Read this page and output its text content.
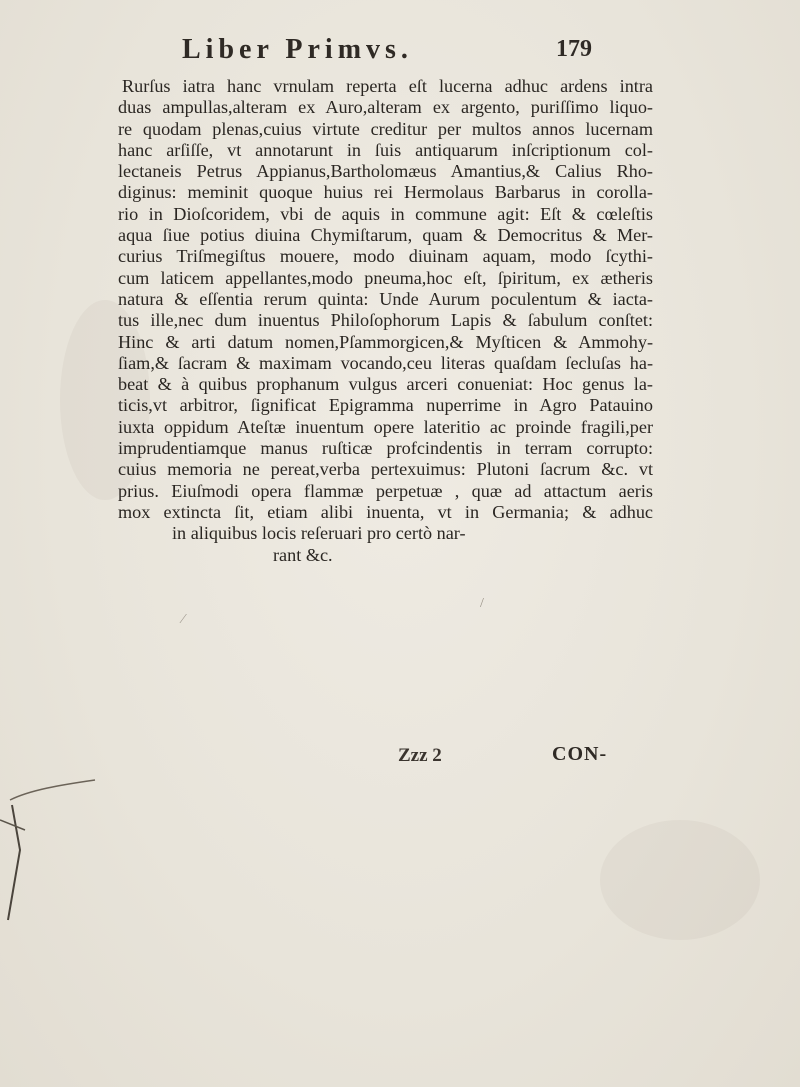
Liber Primvs.	179
Rurſus iatra hanc vrnulam reperta eſt lucerna adhuc ardens intra
duas ampullas,alteram ex Auro,alteram ex argento, puriſſimo liquo-
re quodam plenas,cuius virtute creditur per multos annos lucernam
hanc arſiſſe, vt annotarunt in ſuis antiquarum inſcriptionum col-
lectaneis Petrus Appianus,Bartholomæus Amantius,& Calius Rho-
diginus: meminit quoque huius rei Hermolaus Barbarus in corolla-
rio in Dioſcoridem, vbi de aquis in commune agit: Eſt & cœleſtis
aqua ſiue potius diuina Chymiſtarum, quam & Democritus & Mer-
curius Triſmegiſtus mouere, modo diuinam aquam, modo ſcythi-
cum laticem appellantes,modo pneuma,hoc eſt, ſpiritum, ex ætheris
natura & eſſentia rerum quinta: Unde Aurum poculentum & iacta-
tus ille,nec dum inuentus Philoſophorum Lapis & ſabulum conſtet:
Hinc & arti datum nomen,Pſammorgicen,& Myſticen & Ammohy-
ſiam,& ſacram & maximam vocando,ceu literas quaſdam ſecluſas ha-
beat & à quibus prophanum vulgus arceri conueniat: Hoc genus la-
ticis,vt arbitror, ſignificat Epigramma nuperrime in Agro Patauino
iuxta oppidum Ateſtæ inuentum opere lateritio ac proinde fragili,per
imprudentiamque manus ruſticæ profcindentis in terram corrupto:
cuius memoria ne pereat,verba pertexuimus: Plutoni ſacrum &c. vt
prius. Eiuſmodi opera flammæ perpetuæ , quæ ad attactum aeris
mox extincta ſit, etiam alibi inuenta, vt in Germania; & adhuc
in aliquibus locis reſeruari pro certò nar-
rant &c.
⁄
/
Zzz 2	CON-
